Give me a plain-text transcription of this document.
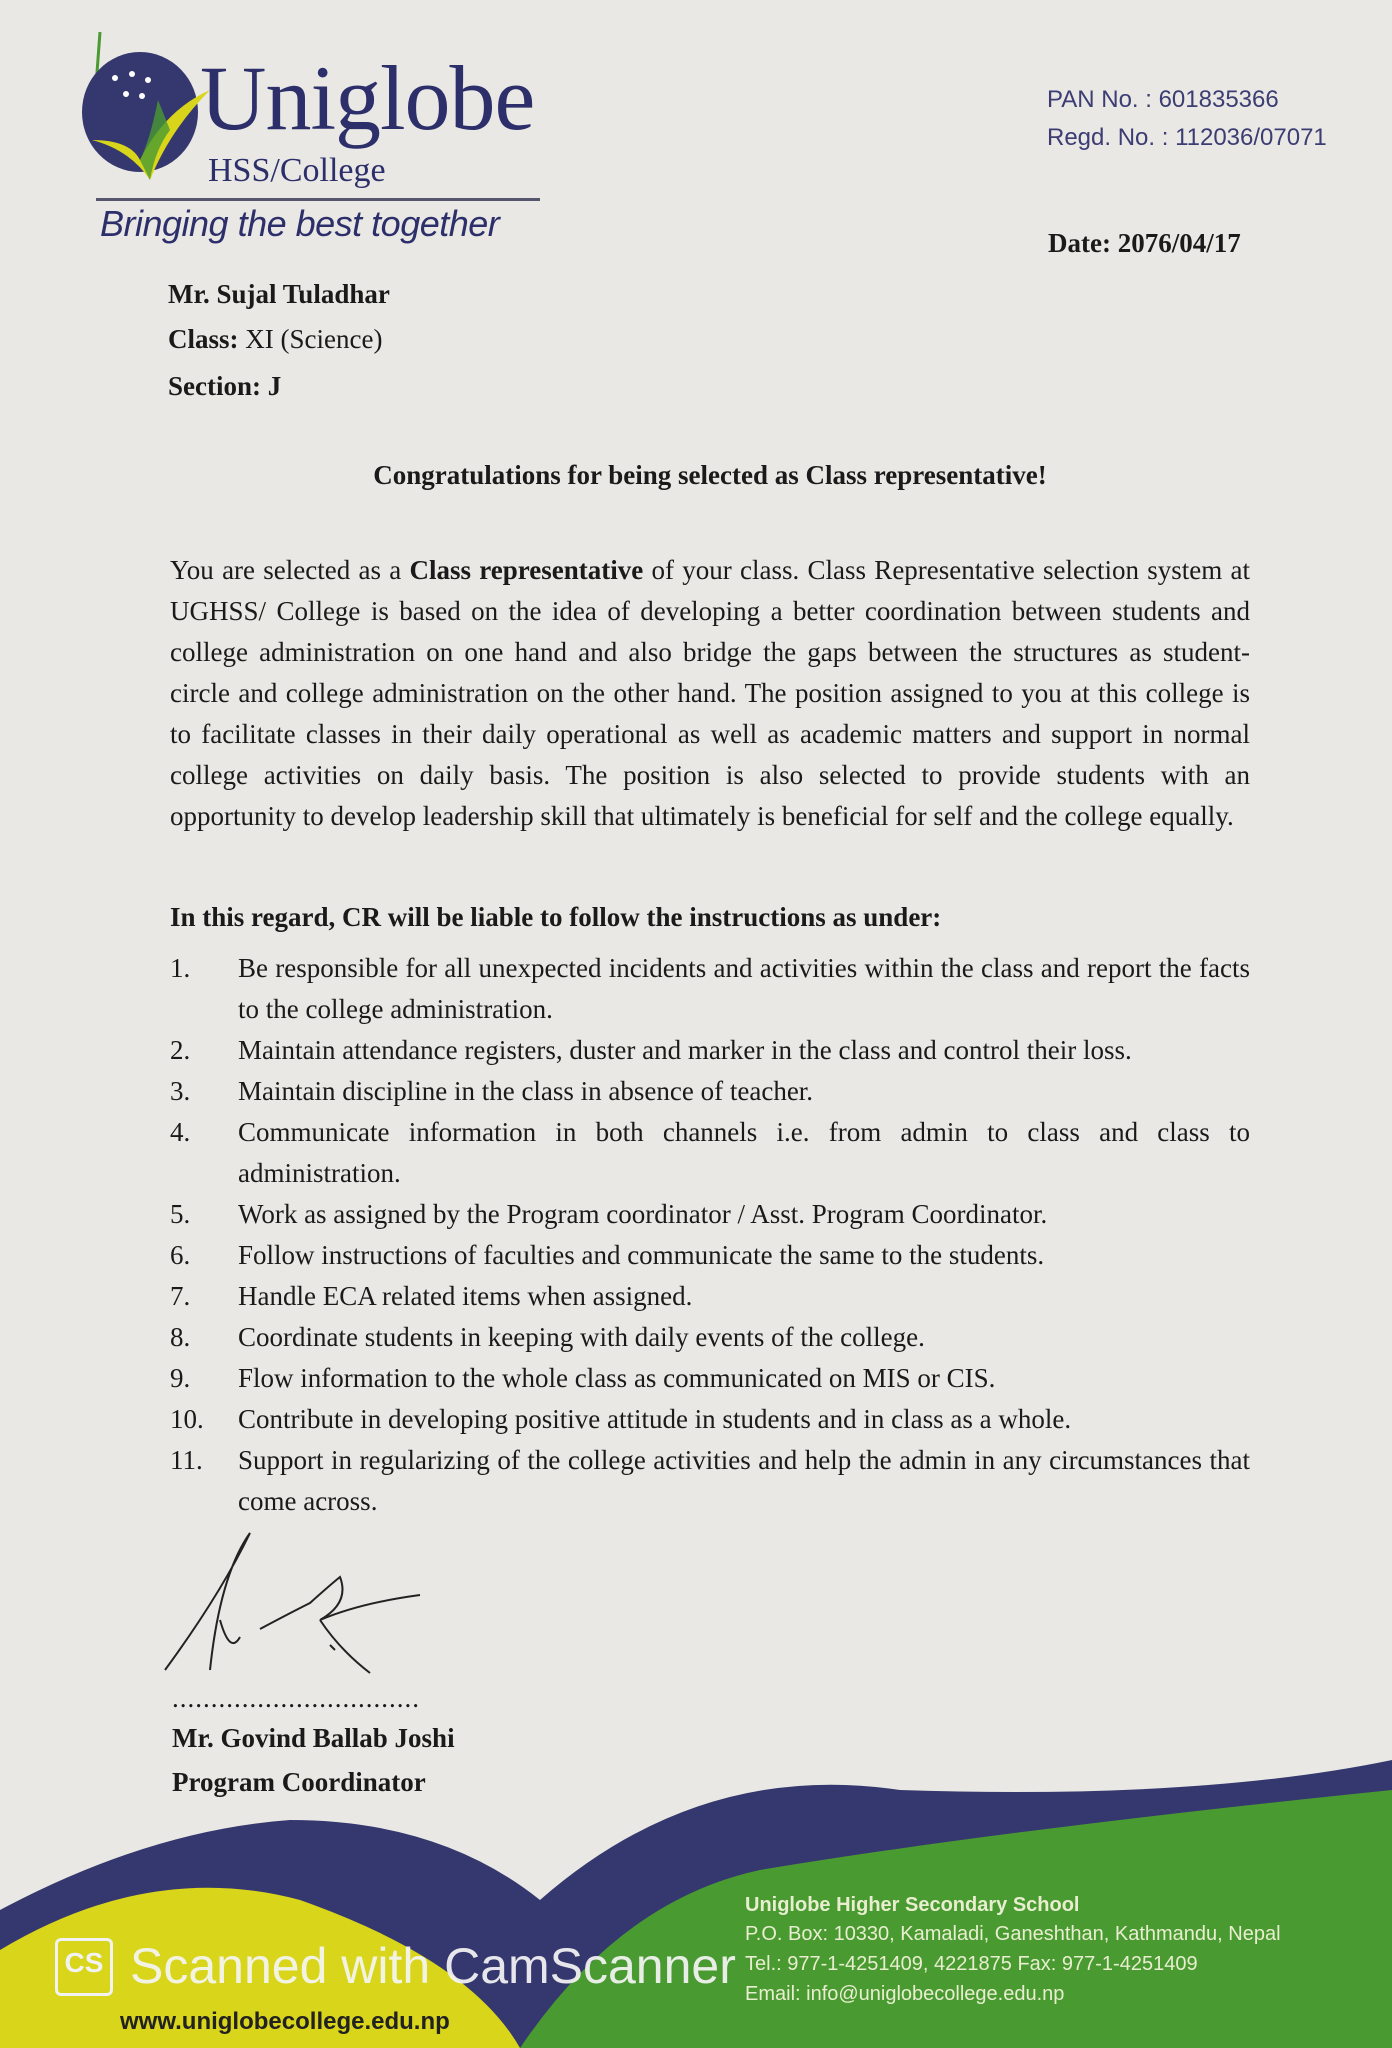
Uniglobe
HSS/College
Bringing the best together
PAN No. : 601835366
Regd. No. : 112036/07071
Date: 2076/04/17
Mr. Sujal Tuladhar
Class: XI (Science)
Section: J
Congratulations for being selected as Class representative!
You are selected as a Class representative of your class. Class Representative selection system at UGHSS/ College is based on the idea of developing a better coordination between students and college administration on one hand and also bridge the gaps between the structures as student- circle and college administration on the other hand. The position assigned to you at this college is to facilitate classes in their daily operational as well as academic matters and support in normal college activities on daily basis. The position is also selected to provide students with an opportunity to develop leadership skill that ultimately is beneficial for self and the college equally.
In this regard, CR will be liable to follow the instructions as under:
1.	Be responsible for all unexpected incidents and activities within the class and report the facts to the college administration.
2.	Maintain attendance registers, duster and marker in the class and control their loss.
3.	Maintain discipline in the class in absence of teacher.
4.	Communicate information in both channels i.e. from admin to class and class to administration.
5.	Work as assigned by the Program coordinator / Asst. Program Coordinator.
6.	Follow instructions of faculties and communicate the same to the students.
7.	Handle ECA related items when assigned.
8.	Coordinate students in keeping with daily events of the college.
9.	Flow information to the whole class as communicated on MIS or CIS.
10.	Contribute in developing positive attitude in students and in class as a whole.
11.	Support in regularizing of the college activities and help the admin in any circumstances that come across.
................................
Mr. Govind Ballab Joshi
Program Coordinator
Uniglobe Higher Secondary School
P.O. Box: 10330, Kamaladi, Ganeshthan, Kathmandu, Nepal
Tel.: 977-1-4251409, 4221875 Fax: 977-1-4251409
Email: info@uniglobecollege.edu.np
www.uniglobecollege.edu.np
CS Scanned with CamScanner
